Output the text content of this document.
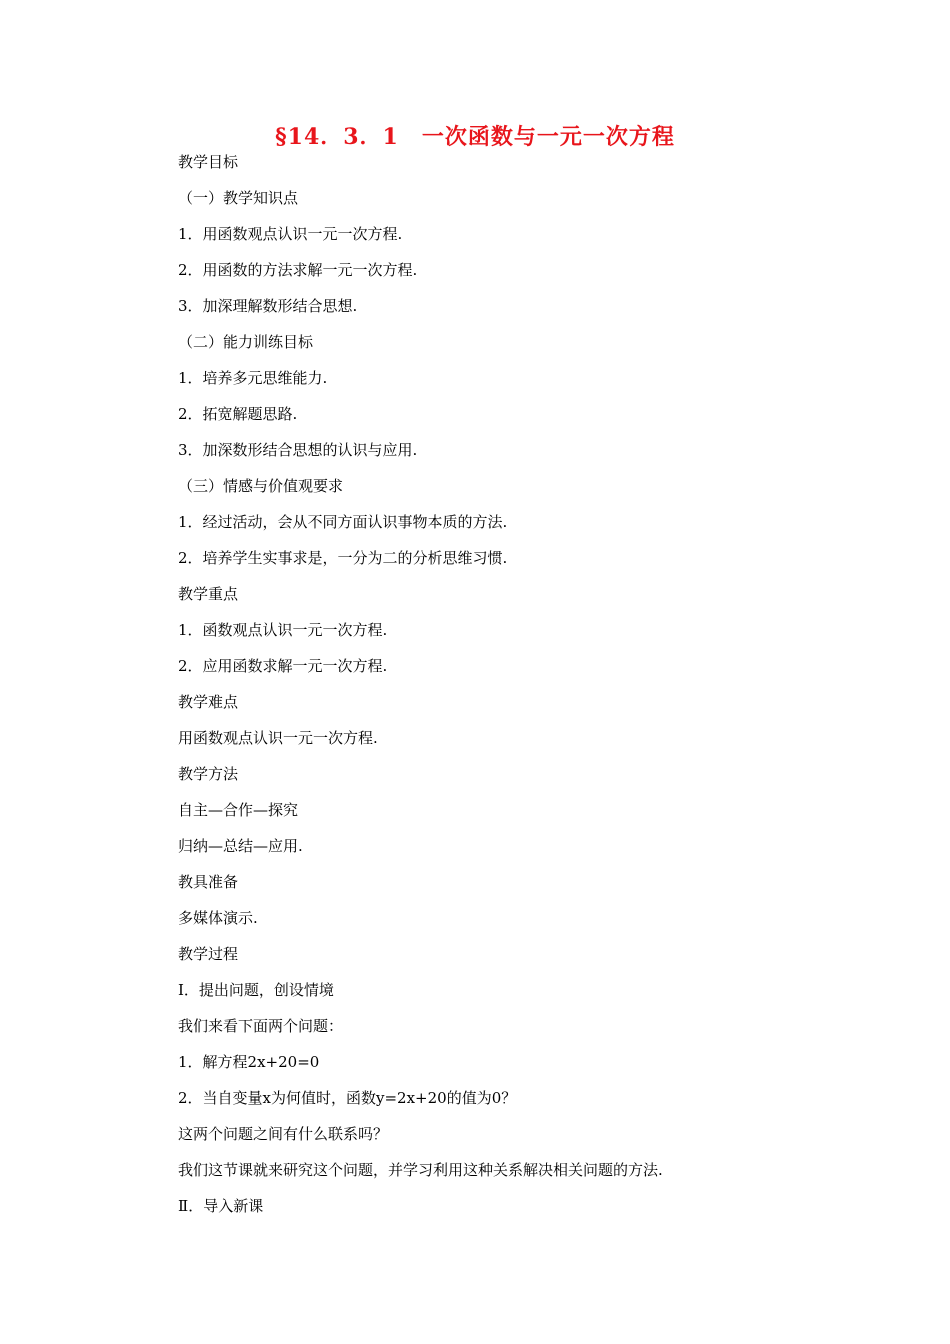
§14．3．1　一次函数与一元一次方程
教学目标
（一）教学知识点
1．用函数观点认识一元一次方程.
2．用函数的方法求解一元一次方程.
3．加深理解数形结合思想.
（二）能力训练目标
1．培养多元思维能力.
2．拓宽解题思路.
3．加深数形结合思想的认识与应用.
（三）情感与价值观要求
1．经过活动，会从不同方面认识事物本质的方法.
2．培养学生实事求是，一分为二的分析思维习惯.
教学重点
1．函数观点认识一元一次方程.
2．应用函数求解一元一次方程.
教学难点
用函数观点认识一元一次方程.
教学方法
自主—合作—探究
归纳—总结—应用.
教具准备
多媒体演示.
教学过程
Ⅰ．提出问题，创设情境
我们来看下面两个问题：
1．解方程2x+20=0
2．当自变量x为何值时，函数y=2x+20的值为0？
这两个问题之间有什么联系吗？
我们这节课就来研究这个问题，并学习利用这种关系解决相关问题的方法.
Ⅱ．导入新课
